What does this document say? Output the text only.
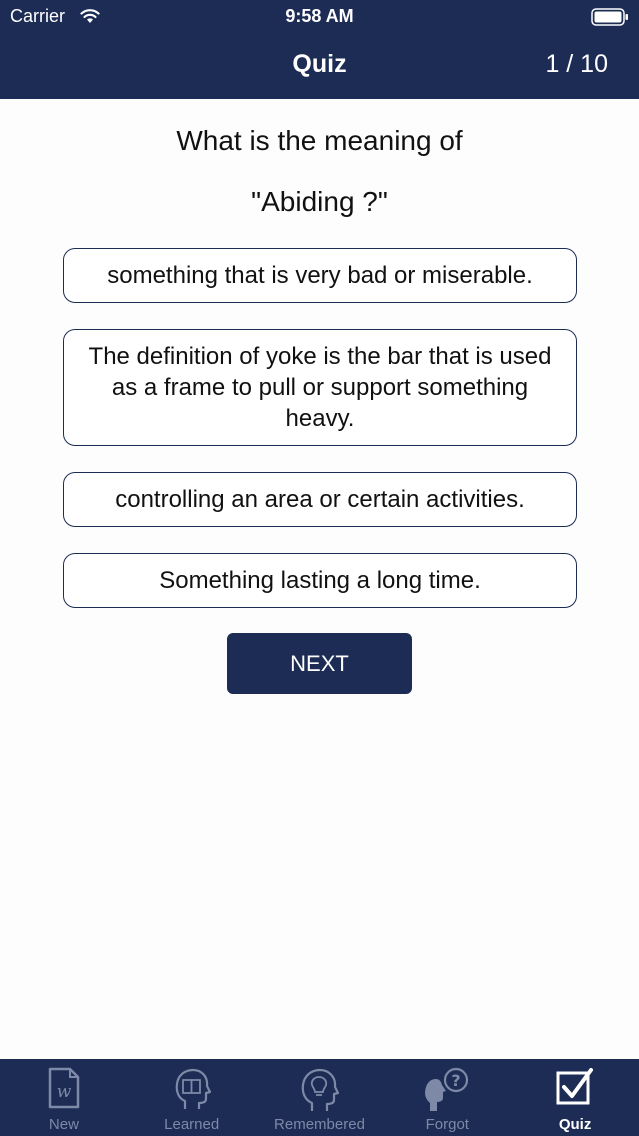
Carrier	9:58 AM
Quiz	1 / 10
What is the meaning of
"Abiding ?"
something that is very bad or miserable.
The definition of yoke is the bar that is used as a frame to pull or support something heavy.
controlling an area or certain activities.
Something lasting a long time.
NEXT
w
New	Learned	Remembered
?
Forgot	Quiz
